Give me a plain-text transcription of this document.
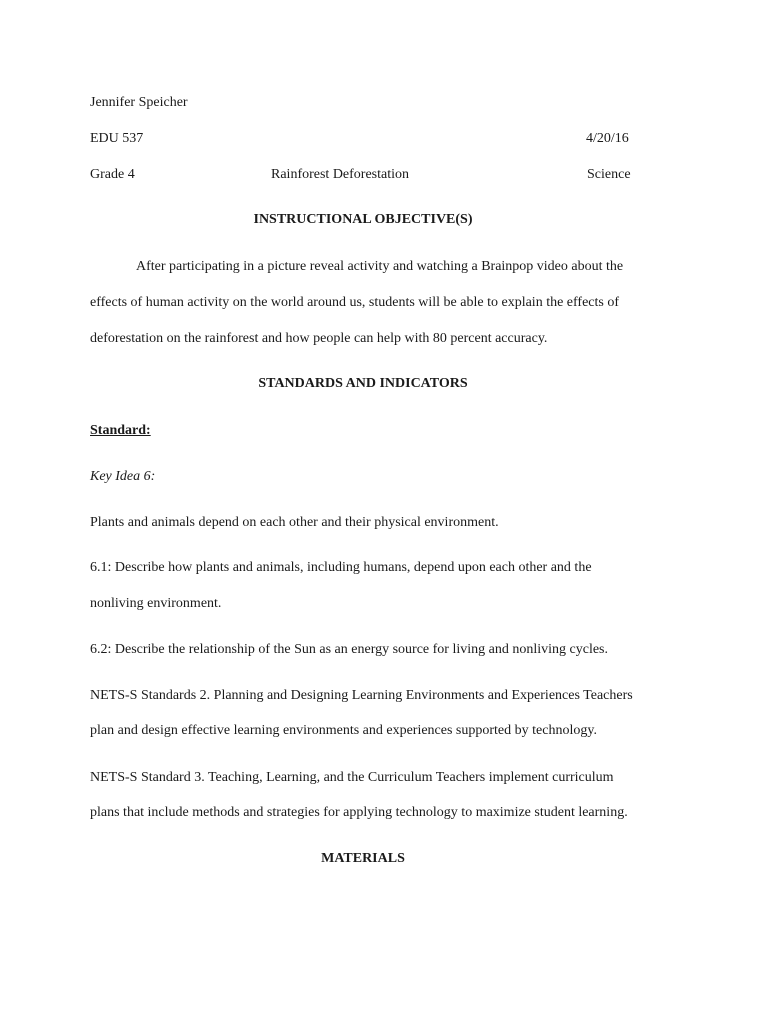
Jennifer Speicher
EDU 537	4/20/16
Grade 4	Rainforest Deforestation	Science
INSTRUCTIONAL OBJECTIVE(S)
After participating in a picture reveal activity and watching a Brainpop video about the
effects of human activity on the world around us, students will be able to explain the effects of
deforestation on the rainforest and how people can help with 80 percent accuracy.
STANDARDS AND INDICATORS
Standard:
Key Idea 6:
Plants and animals depend on each other and their physical environment.
6.1: Describe how plants and animals, including humans, depend upon each other and the
nonliving environment.
6.2: Describe the relationship of the Sun as an energy source for living and nonliving cycles.
NETS-S Standards 2. Planning and Designing Learning Environments and Experiences Teachers
plan and design effective learning environments and experiences supported by technology.
NETS-S Standard 3. Teaching, Learning, and the Curriculum Teachers implement curriculum
plans that include methods and strategies for applying technology to maximize student learning.
MATERIALS
